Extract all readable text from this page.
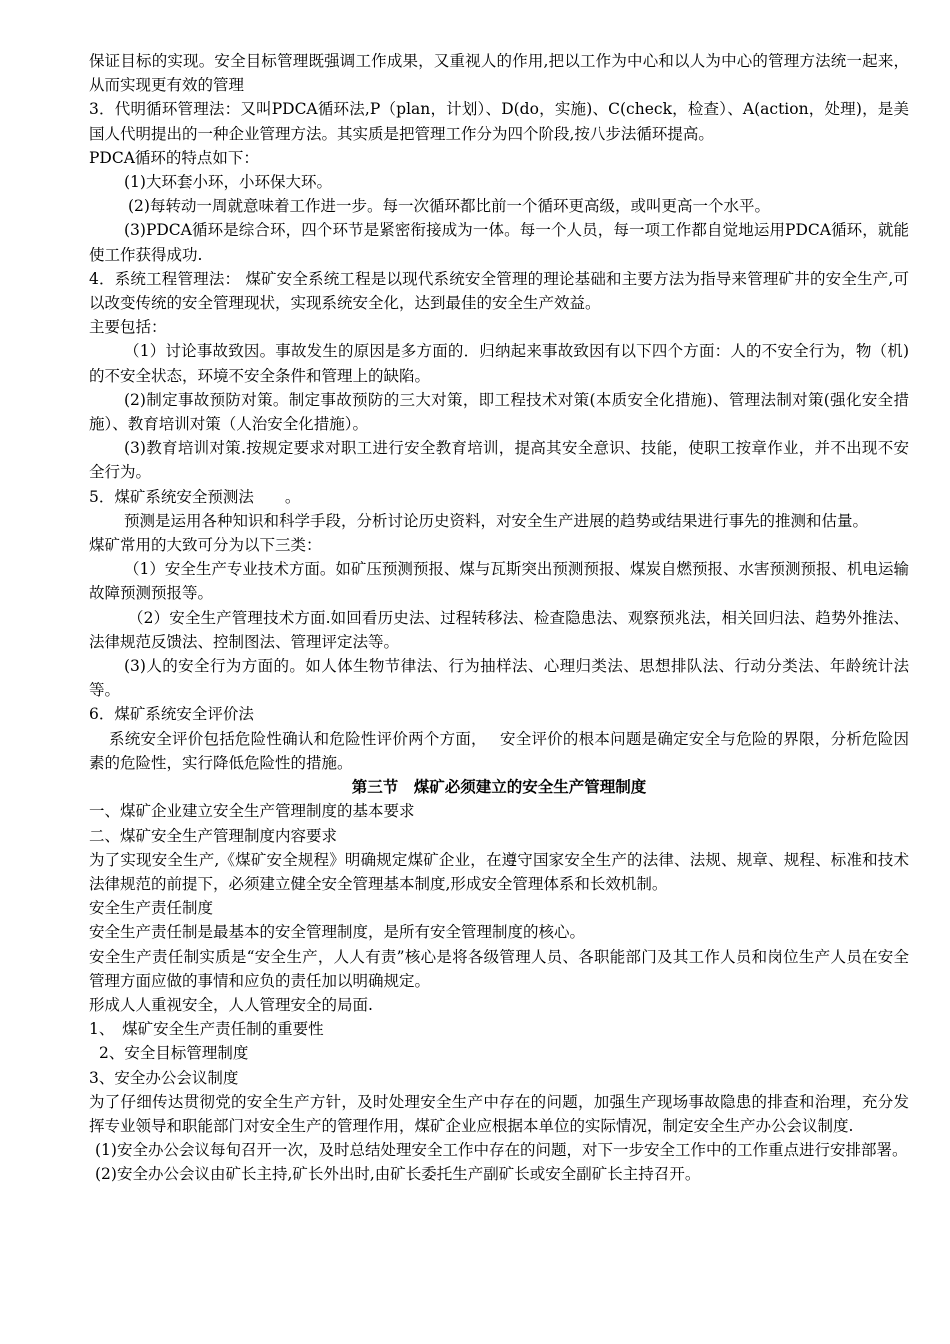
保证目标的实现。安全目标管理既强调工作成果，又重视人的作用,把以工作为中心和以人为中心的管理方法统一起来，从而实现更有效的管理

3．代明循环管理法：又叫PDCA循环法,P（plan，计划）、D(do，实施)、C(check，检查）、A(action，处理)，是美国人代明提出的一种企业管理方法。其实质是把管理工作分为四个阶段,按八步法循环提高。

PDCA循环的特点如下：

(1)大环套小环，小环保大环。

(2)每转动一周就意味着工作进一步。每一次循环都比前一个循环更高级，或叫更高一个水平。

(3)PDCA循环是综合环，四个环节是紧密衔接成为一体。每一个人员，每一项工作都自觉地运用PDCA循环，就能使工作获得成功.

4．系统工程管理法： 煤矿安全系统工程是以现代系统安全管理的理论基础和主要方法为指导来管理矿井的安全生产,可以改变传统的安全管理现状，实现系统安全化，达到最佳的安全生产效益。

主要包括：

（1）讨论事故致因。事故发生的原因是多方面的．归纳起来事故致因有以下四个方面：人的不安全行为，物（机)的不安全状态，环境不安全条件和管理上的缺陷。

(2)制定事故预防对策。制定事故预防的三大对策，即工程技术对策(本质安全化措施)、管理法制对策(强化安全措施）、教育培训对策（人治安全化措施）。

(3)教育培训对策.按规定要求对职工进行安全教育培训，提高其安全意识、技能，使职工按章作业，并不出现不安全行为。

5．煤矿系统安全预测法　　。

预测是运用各种知识和科学手段，分析讨论历史资料，对安全生产进展的趋势或结果进行事先的推测和估量。

煤矿常用的大致可分为以下三类：

（1）安全生产专业技术方面。如矿压预测预报、煤与瓦斯突出预测预报、煤炭自燃预报、水害预测预报、机电运输故障预测预报等。

（2）安全生产管理技术方面.如回看历史法、过程转移法、检查隐患法、观察预兆法，相关回归法、趋势外推法、法律规范反馈法、控制图法、管理评定法等。

(3)人的安全行为方面的。如人体生物节律法、行为抽样法、心理归类法、思想排队法、行动分类法、年龄统计法等。

6．煤矿系统安全评价法

系统安全评价包括危险性确认和危险性评价两个方面，　 安全评价的根本问题是确定安全与危险的界限，分析危险因素的危险性，实行降低危险性的措施。

第三节　煤矿必须建立的安全生产管理制度

一、煤矿企业建立安全生产管理制度的基本要求

二、煤矿安全生产管理制度内容要求

为了实现安全生产,《煤矿安全规程》明确规定煤矿企业，在遵守国家安全生产的法律、法规、规章、规程、标准和技术法律规范的前提下，必须建立健全安全管理基本制度,形成安全管理体系和长效机制。

安全生产责任制度

安全生产责任制是最基本的安全管理制度，是所有安全管理制度的核心。

安全生产责任制实质是“安全生产，人人有责”核心是将各级管理人员、各职能部门及其工作人员和岗位生产人员在安全管理方面应做的事情和应负的责任加以明确规定。

形成人人重视安全，人人管理安全的局面.

1、　煤矿安全生产责任制的重要性

2、安全目标管理制度

3、安全办公会议制度

为了仔细传达贯彻党的安全生产方针，及时处理安全生产中存在的问题，加强生产现场事故隐患的排查和治理，充分发挥专业领导和职能部门对安全生产的管理作用，煤矿企业应根据本单位的实际情况，制定安全生产办公会议制度.

(1)安全办公会议每旬召开一次，及时总结处理安全工作中存在的问题，对下一步安全工作中的工作重点进行安排部署。

(2)安全办公会议由矿长主持,矿长外出时,由矿长委托生产副矿长或安全副矿长主持召开。
